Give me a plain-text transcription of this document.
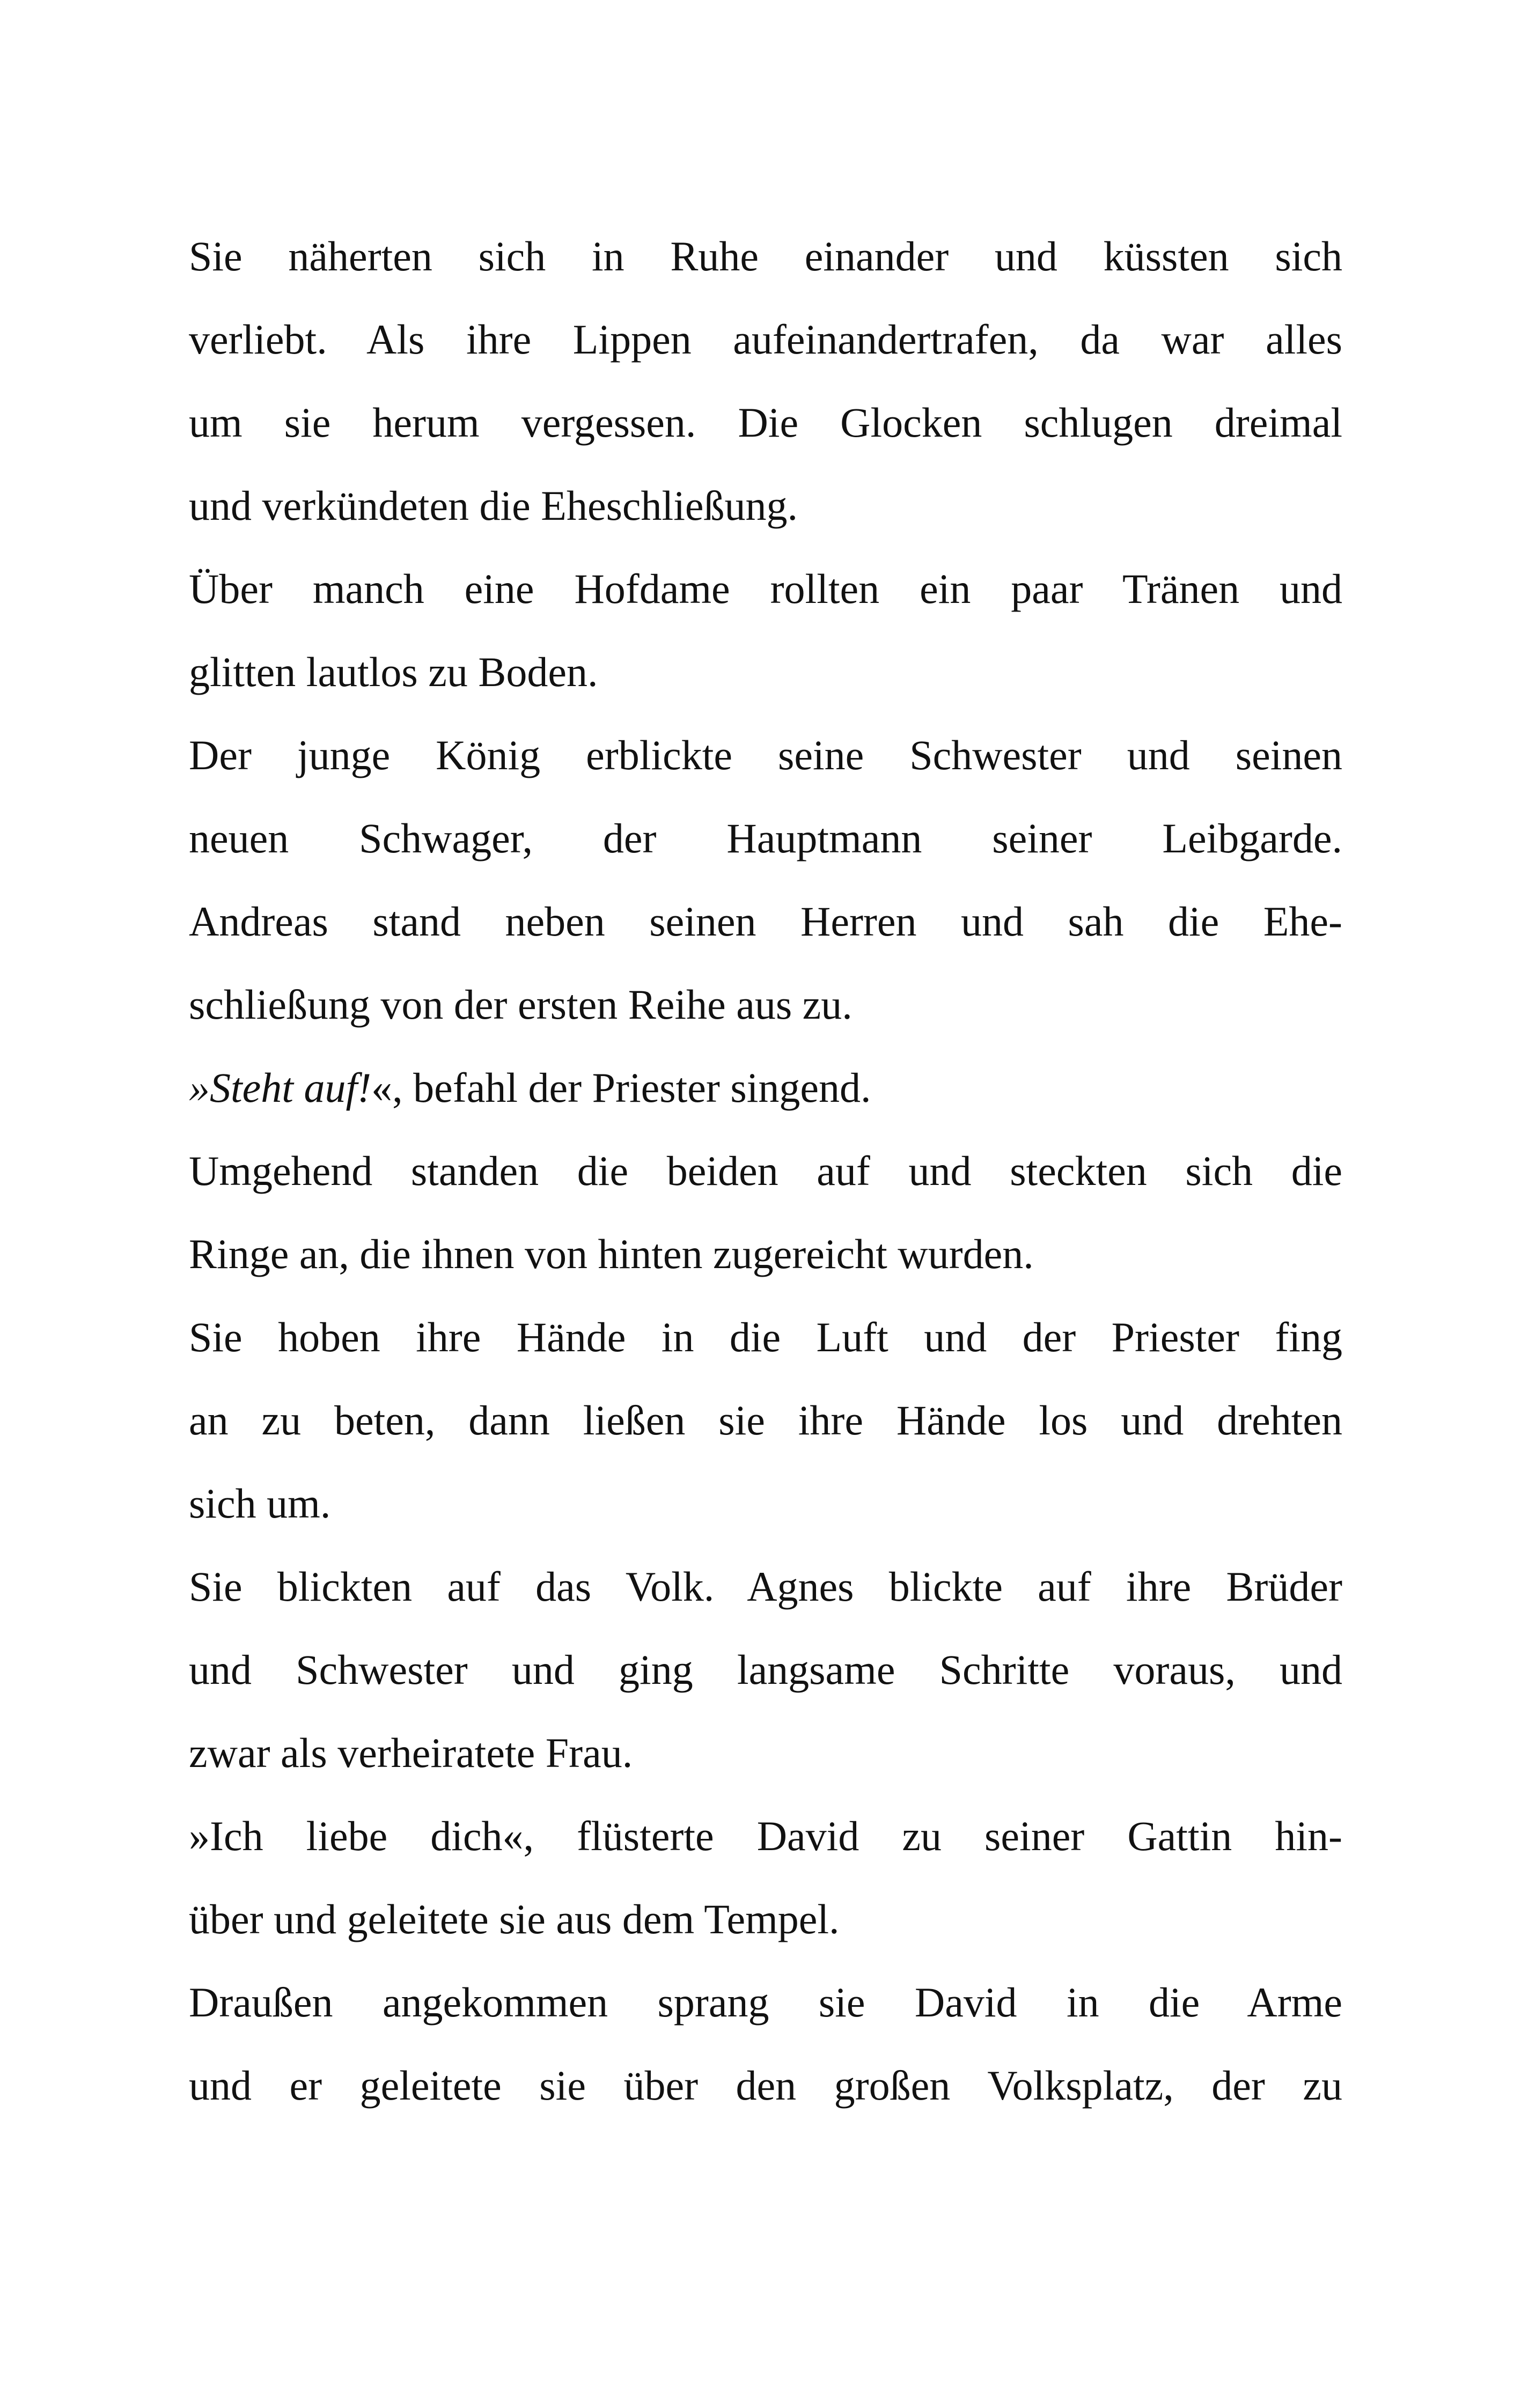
Sie näherten sich in Ruhe einander und küssten sich
verliebt. Als ihre Lippen aufeinandertrafen, da war alles
um sie herum vergessen. Die Glocken schlugen dreimal
und verkündeten die Eheschließung.
Über manch eine Hofdame rollten ein paar Tränen und
glitten lautlos zu Boden.
Der junge König erblickte seine Schwester und seinen
neuen Schwager, der Hauptmann seiner Leibgarde.
Andreas stand neben seinen Herren und sah die Ehe-
schließung von der ersten Reihe aus zu.
»Steht auf!«, befahl der Priester singend.
Umgehend standen die beiden auf und steckten sich die
Ringe an, die ihnen von hinten zugereicht wurden.
Sie hoben ihre Hände in die Luft und der Priester fing
an zu beten, dann ließen sie ihre Hände los und drehten
sich um.
Sie blickten auf das Volk. Agnes blickte auf ihre Brüder
und Schwester und ging langsame Schritte voraus, und
zwar als verheiratete Frau.
»Ich liebe dich«, flüsterte David zu seiner Gattin hin-
über und geleitete sie aus dem Tempel.
Draußen angekommen sprang sie David in die Arme
und er geleitete sie über den großen Volksplatz, der zu
